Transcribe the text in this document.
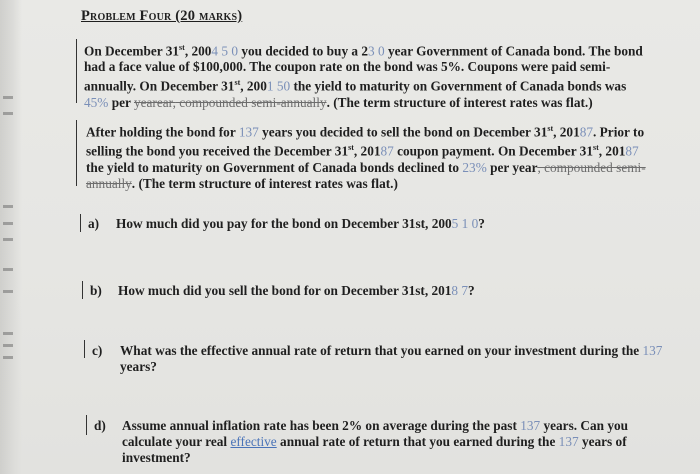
Problem Four (20 marks)
On December 31st, 2004 5 0 you decided to buy a 23 0 year Government of Canada bond. The bond
had a face value of $100,000. The coupon rate on the bond was 5%. Coupons were paid semi-
annually. On December 31st, 2001 50 the yield to maturity on Government of Canada bonds was
45% per yearear, compounded semi-annually. (The term structure of interest rates was flat.)
After holding the bond for 137 years you decided to sell the bond on December 31st, 20187. Prior to
selling the bond you received the December 31st, 20187 coupon payment. On December 31st, 20187
the yield to maturity on Government of Canada bonds declined to 23% per year, compounded semi-
annually. (The term structure of interest rates was flat.)
a) How much did you pay for the bond on December 31st, 2005 1 0?
b) How much did you sell the bond for on December 31st, 2018 7?
c) What was the effective annual rate of return that you earned on your investment during the 137
years?
d) Assume annual inflation rate has been 2% on average during the past 137 years. Can you
calculate your real effective annual rate of return that you earned during the 137 years of
investment?
